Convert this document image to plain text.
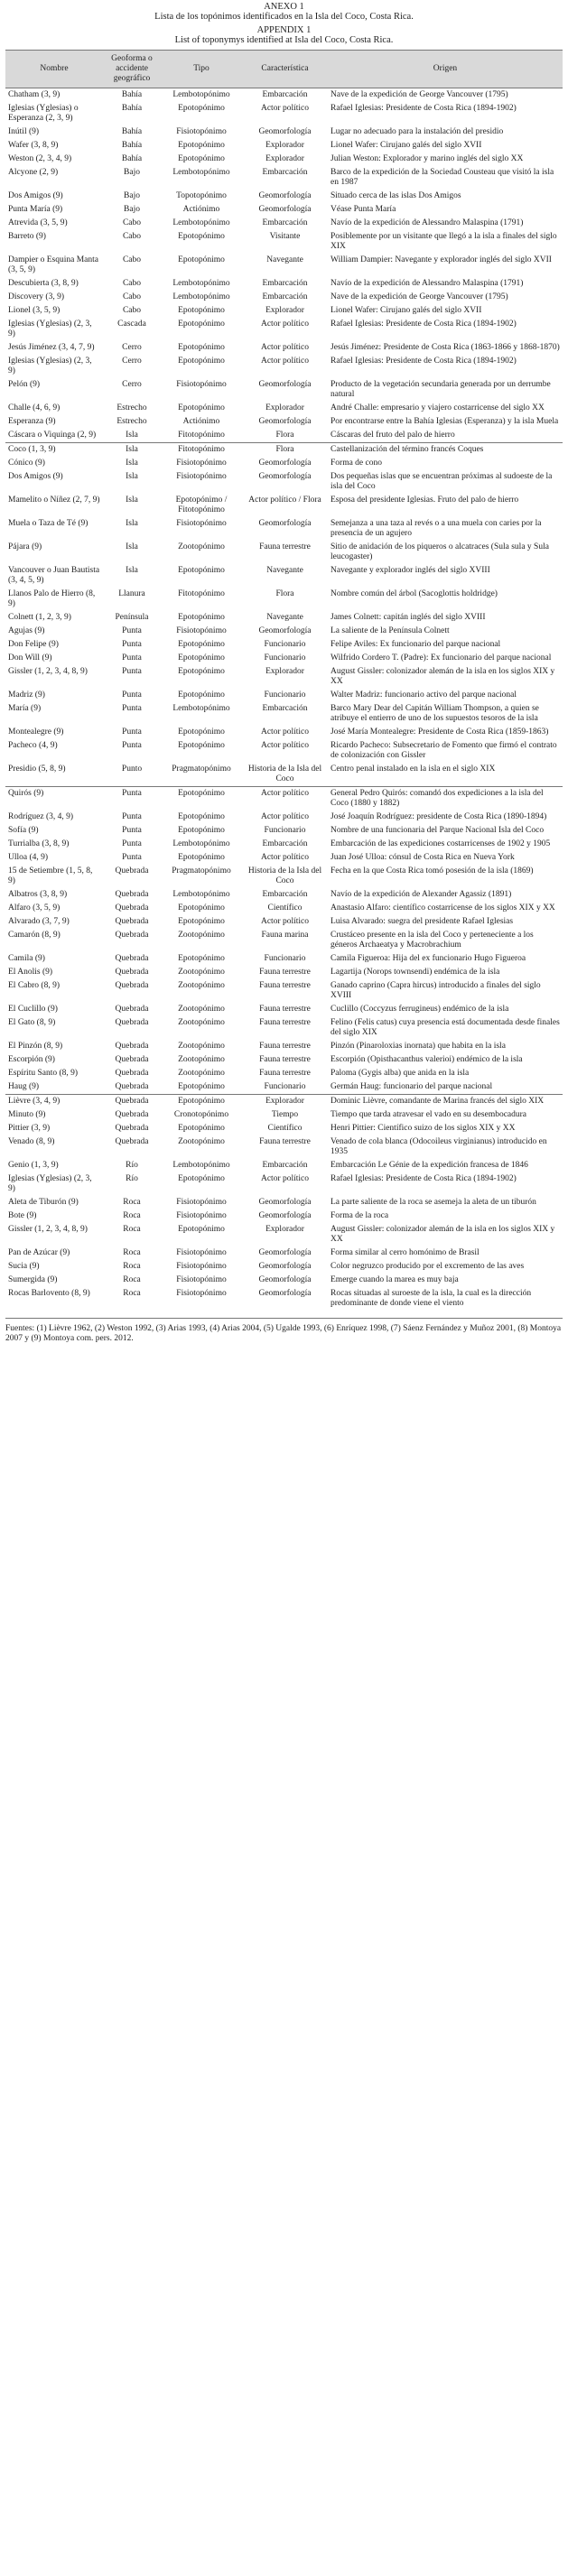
ANEXO 1
Lista de los topónimos identificados en la Isla del Coco, Costa Rica.
APPENDIX 1
List of toponymys identified at Isla del Coco, Costa Rica.
Nombre	Geoforma o accidente geográfico	Tipo	Característica	Origen
Chatham (3, 9)	Bahía	Lembotopónimo	Embarcación	Nave de la expedición de George Vancouver (1795)
Iglesias (Yglesias) o Esperanza (2, 3, 9)	Bahía	Epotopónimo	Actor político	Rafael Iglesias: Presidente de Costa Rica (1894-1902)
Inútil (9)	Bahía	Fisiotopónimo	Geomorfología	Lugar no adecuado para la instalación del presidio
Wafer (3, 8, 9)	Bahía	Epotopónimo	Explorador	Lionel Wafer: Cirujano galés del siglo XVII
Weston (2, 3, 4, 9)	Bahía	Epotopónimo	Explorador	Julian Weston: Explorador y marino inglés del siglo XX
Alcyone (2, 9)	Bajo	Lembotopónimo	Embarcación	Barco de la expedición de la Sociedad Cousteau que visitó la isla en 1987
Dos Amigos (9)	Bajo	Topotopónimo	Geomorfología	Situado cerca de las islas Dos Amigos
Punta María (9)	Bajo	Actiónimo	Geomorfología	Véase Punta María
Atrevida (3, 5, 9)	Cabo	Lembotopónimo	Embarcación	Navío de la expedición de Alessandro Malaspina (1791)
Barreto (9)	Cabo	Epotopónimo	Visitante	Posiblemente por un visitante que llegó a la isla a finales del siglo XIX
Dampier o Esquina Manta (3, 5, 9)	Cabo	Epotopónimo	Navegante	William Dampier: Navegante y explorador inglés del siglo XVII
Descubierta (3, 8, 9)	Cabo	Lembotopónimo	Embarcación	Navío de la expedición de Alessandro Malaspina (1791)
Discovery (3, 9)	Cabo	Lembotopónimo	Embarcación	Nave de la expedición de George Vancouver (1795)
Lionel (3, 5, 9)	Cabo	Epotopónimo	Explorador	Lionel Wafer: Cirujano galés del siglo XVII
Iglesias (Yglesias) (2, 3, 9)	Cascada	Epotopónimo	Actor político	Rafael Iglesias: Presidente de Costa Rica (1894-1902)
Jesús Jiménez (3, 4, 7, 9)	Cerro	Epotopónimo	Actor político	Jesús Jiménez: Presidente de Costa Rica (1863-1866 y 1868-1870)
Iglesias (Yglesias) (2, 3, 9)	Cerro	Epotopónimo	Actor político	Rafael Iglesias: Presidente de Costa Rica (1894-1902)
Pelón (9)	Cerro	Fisiotopónimo	Geomorfología	Producto de la vegetación secundaria generada por un derrumbe natural
Challe (4, 6, 9)	Estrecho	Epotopónimo	Explorador	André Challe: empresario y viajero costarricense del siglo XX
Esperanza (9)	Estrecho	Actiónimo	Geomorfología	Por encontrarse entre la Bahía Iglesias (Esperanza) y la isla Muela
Cáscara o Viquinga (2, 9)	Isla	Fitotopónimo	Flora	Cáscaras del fruto del palo de hierro
Coco (1, 3, 9)	Isla	Fitotopónimo	Flora	Castellanización del término francés Coques
Cónico (9)	Isla	Fisiotopónimo	Geomorfología	Forma de cono
Dos Amigos (9)	Isla	Fisiotopónimo	Geomorfología	Dos pequeñas islas que se encuentran próximas al sudoeste de la isla del Coco
Mamelito o Níñez (2, 7, 9)	Isla	Epotopónimo / Fitotopónimo	Actor político / Flora	Esposa del presidente Iglesias. Fruto del palo de hierro
Muela o Taza de Té (9)	Isla	Fisiotopónimo	Geomorfología	Semejanza a una taza al revés o a una muela con caries por la presencia de un agujero
Pájara (9)	Isla	Zootopónimo	Fauna terrestre	Sitio de anidación de los piqueros o alcatraces (Sula sula y Sula leucogaster)
Vancouver o Juan Bautista (3, 4, 5, 9)	Isla	Epotopónimo	Navegante	Navegante y explorador inglés del siglo XVIII
Llanos Palo de Hierro (8, 9)	Llanura	Fitotopónimo	Flora	Nombre común del árbol (Sacoglottis holdridge)
Colnett (1, 2, 3, 9)	Península	Epotopónimo	Navegante	James Colnett: capitán inglés del siglo XVIII
Agujas (9)	Punta	Fisiotopónimo	Geomorfología	La saliente de la Península Colnett
Don Felipe (9)	Punta	Epotopónimo	Funcionario	Felipe Aviles: Ex funcionario del parque nacional
Don Will (9)	Punta	Epotopónimo	Funcionario	Wilfrido Cordero T. (Padre): Ex funcionario del parque nacional
Gissler (1, 2, 3, 4, 8, 9)	Punta	Epotopónimo	Explorador	August Gissler: colonizador alemán de la isla en los siglos XIX y XX
Madriz (9)	Punta	Epotopónimo	Funcionario	Walter Madriz: funcionario activo del parque nacional
María (9)	Punta	Lembotopónimo	Embarcación	Barco Mary Dear del Capitán William Thompson, a quien se atribuye el entierro de uno de los supuestos tesoros de la isla
Montealegre (9)	Punta	Epotopónimo	Actor político	José María Montealegre: Presidente de Costa Rica (1859-1863)
Pacheco (4, 9)	Punta	Epotopónimo	Actor político	Ricardo Pacheco: Subsecretario de Fomento que firmó el contrato de colonización con Gissler
Presidio (5, 8, 9)	Punto	Pragmatopónimo	Historia de la Isla del Coco	Centro penal instalado en la isla en el siglo XIX
Quirós (9)	Punta	Epotopónimo	Actor político	General Pedro Quirós: comandó dos expediciones a la isla del Coco (1880 y 1882)
Rodríguez (3, 4, 9)	Punta	Epotopónimo	Actor político	José Joaquín Rodríguez: presidente de Costa Rica (1890-1894)
Sofía (9)	Punta	Epotopónimo	Funcionario	Nombre de una funcionaria del Parque Nacional Isla del Coco
Turrialba (3, 8, 9)	Punta	Lembotopónimo	Embarcación	Embarcación de las expediciones costarricenses de 1902 y 1905
Ulloa (4, 9)	Punta	Epotopónimo	Actor político	Juan José Ulloa: cónsul de Costa Rica en Nueva York
15 de Setiembre (1, 5, 8, 9)	Quebrada	Pragmatopónimo	Historia de la Isla del Coco	Fecha en la que Costa Rica tomó posesión de la isla (1869)
Albatros (3, 8, 9)	Quebrada	Lembotopónimo	Embarcación	Navío de la expedición de Alexander Agassiz (1891)
Alfaro (3, 5, 9)	Quebrada	Epotopónimo	Científico	Anastasio Alfaro: científico costarricense de los siglos XIX y XX
Alvarado (3, 7, 9)	Quebrada	Epotopónimo	Actor político	Luisa Alvarado: suegra del presidente Rafael Iglesias
Camarón (8, 9)	Quebrada	Zootopónimo	Fauna marina	Crustáceo presente en la isla del Coco y perteneciente a los géneros Archaeatya y Macrobrachium
Camila (9)	Quebrada	Epotopónimo	Funcionario	Camila Figueroa: Hija del ex funcionario Hugo Figueroa
El Anolis (9)	Quebrada	Zootopónimo	Fauna terrestre	Lagartija (Norops townsendi) endémica de la isla
El Cabro (8, 9)	Quebrada	Zootopónimo	Fauna terrestre	Ganado caprino (Capra hircus) introducido a finales del siglo XVIII
El Cuclillo (9)	Quebrada	Zootopónimo	Fauna terrestre	Cuclillo (Coccyzus ferrugineus) endémico de la isla
El Gato (8, 9)	Quebrada	Zootopónimo	Fauna terrestre	Felino (Felis catus) cuya presencia está documentada desde finales del siglo XIX
El Pinzón (8, 9)	Quebrada	Zootopónimo	Fauna terrestre	Pinzón (Pinaroloxias inornata) que habita en la isla
Escorpión (9)	Quebrada	Zootopónimo	Fauna terrestre	Escorpión (Opisthacanthus valerioi) endémico de la isla
Espíritu Santo (8, 9)	Quebrada	Zootopónimo	Fauna terrestre	Paloma (Gygis alba) que anida en la isla
Haug (9)	Quebrada	Epotopónimo	Funcionario	Germán Haug: funcionario del parque nacional
Lièvre (3, 4, 9)	Quebrada	Epotopónimo	Explorador	Dominic Lièvre, comandante de Marina francés del siglo XIX
Minuto (9)	Quebrada	Cronotopónimo	Tiempo	Tiempo que tarda atravesar el vado en su desembocadura
Pittier (3, 9)	Quebrada	Epotopónimo	Científico	Henri Pittier: Científico suizo de los siglos XIX y XX
Venado (8, 9)	Quebrada	Zootopónimo	Fauna terrestre	Venado de cola blanca (Odocoileus virginianus) introducido en 1935
Genio (1, 3, 9)	Río	Lembotopónimo	Embarcación	Embarcación Le Génie de la expedición francesa de 1846
Iglesias (Yglesias) (2, 3, 9)	Río	Epotopónimo	Actor político	Rafael Iglesias: Presidente de Costa Rica (1894-1902)
Aleta de Tiburón (9)	Roca	Fisiotopónimo	Geomorfología	La parte saliente de la roca se asemeja la aleta de un tiburón
Bote (9)	Roca	Fisiotopónimo	Geomorfología	Forma de la roca
Gissler (1, 2, 3, 4, 8, 9)	Roca	Epotopónimo	Explorador	August Gissler: colonizador alemán de la isla en los siglos XIX y XX
Pan de Azúcar (9)	Roca	Fisiotopónimo	Geomorfología	Forma similar al cerro homónimo de Brasil
Sucia (9)	Roca	Fisiotopónimo	Geomorfología	Color negruzco producido por el excremento de las aves
Sumergida (9)	Roca	Fisiotopónimo	Geomorfología	Emerge cuando la marea es muy baja
Rocas Barlovento (8, 9)	Roca	Fisiotopónimo	Geomorfología	Rocas situadas al suroeste de la isla, la cual es la dirección predominante de donde viene el viento
Fuentes: (1) Lièvre 1962, (2) Weston 1992, (3) Arias 1993, (4) Arias 2004, (5) Ugalde 1993, (6) Enríquez 1998, (7) Sáenz Fernández y Muñoz 2001, (8) Montoya 2007 y (9) Montoya com. pers. 2012.
